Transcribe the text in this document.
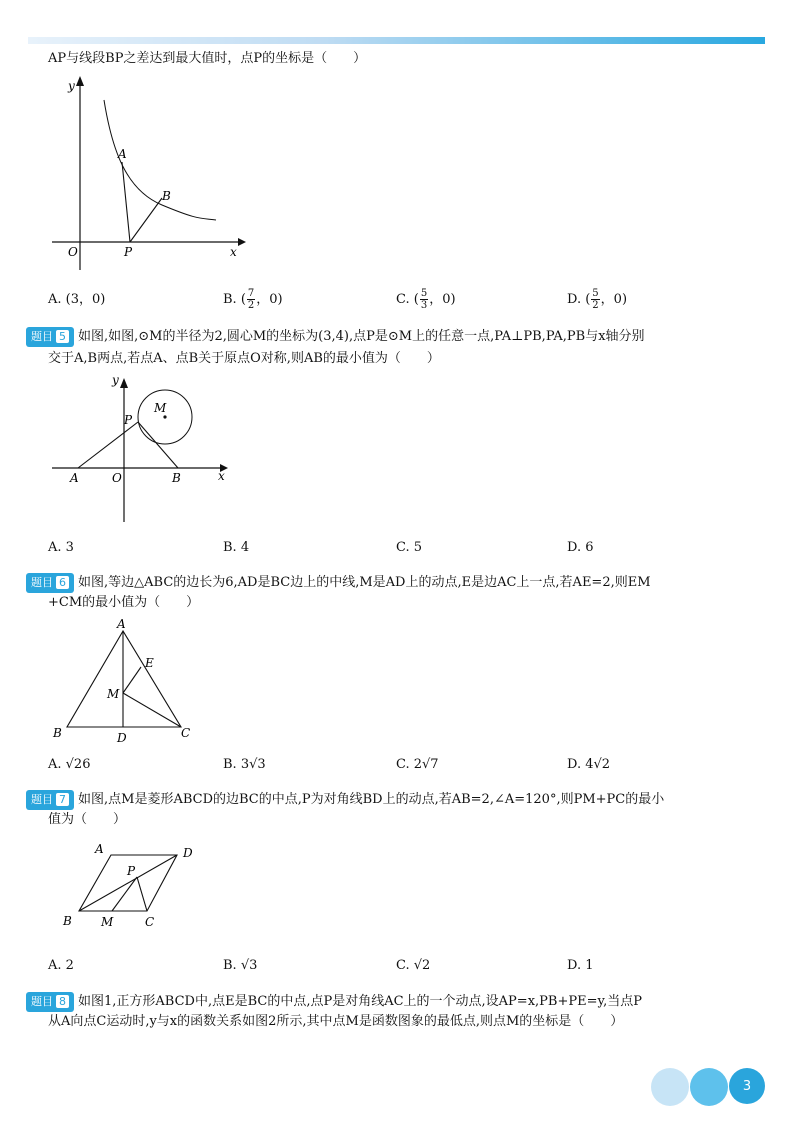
AP与线段BP之差达到最大值时，点P的坐标是（　　）
y
x
O
A
B
P
A. (3，0)	B. ( $\frac{7}{2}$ ，0)	C. ( $\frac{5}{3}$ ，0)	D. ( $\frac{5}{2}$ ，0)
题目 5 如图,如图,⊙M的半径为2,圆心M的坐标为(3,4),点P是⊙M上的任意一点,PA⊥PB,PA,PB与x轴分别
交于A,B两点,若点A、点B关于原点O对称,则AB的最小值为（　　）
y
x
O
A	B
P
M
A. 3	B. 4	C. 5	D. 6
题目 6 如图,等边△ABC的边长为6,AD是BC边上的中线,M是AD上的动点,E是边AC上一点,若AE=2,则EM
+CM的最小值为（　　）
A
B	C
D
E
M
A. √26	B. 3√3	C. 2√7	D. 4√2
题目 7 如图,点M是菱形ABCD的边BC的中点,P为对角线BD上的动点,若AB=2,∠A=120°,则PM+PC的最小
值为（　　）
A	D
B M	C
P
A. 2	B. √3	C. √2	D. 1
题目 8 如图1,正方形ABCD中,点E是BC的中点,点P是对角线AC上的一个动点,设AP=x,PB+PE=y,当点P
从A向点C运动时,y与x的函数关系如图2所示,其中点M是函数图象的最低点,则点M的坐标是（　　）
3
